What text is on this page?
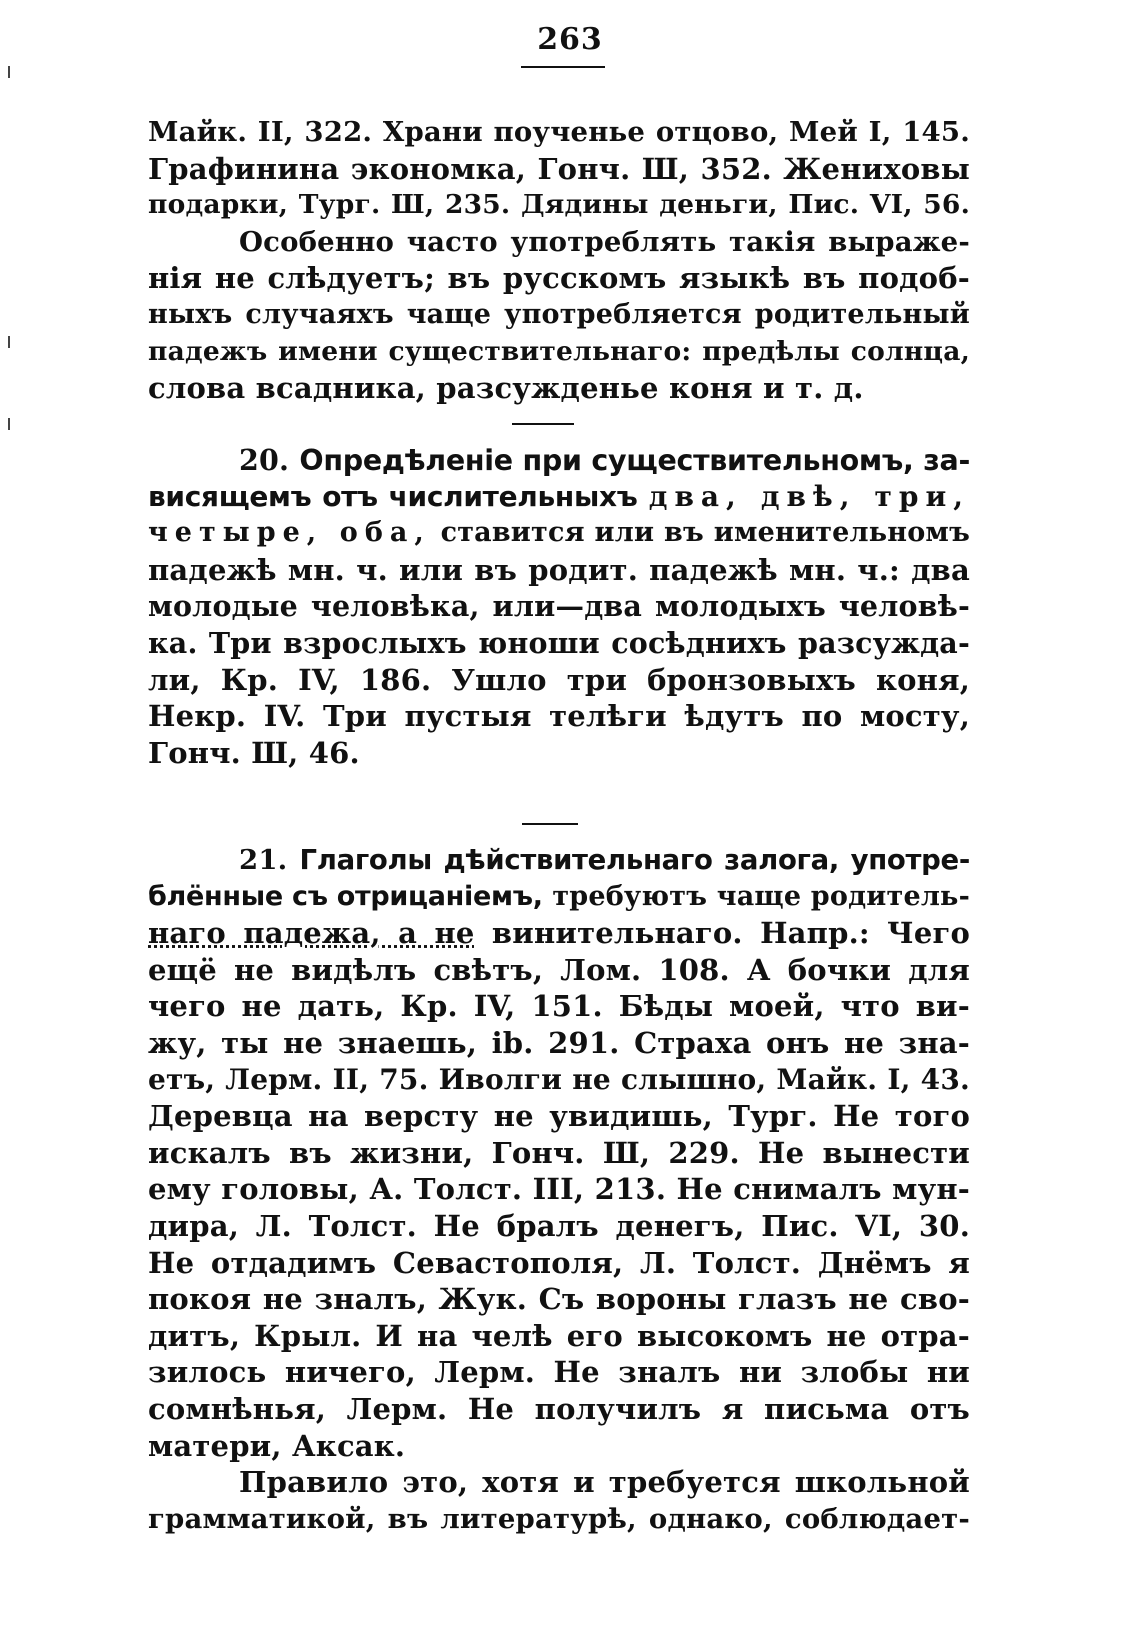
263
Майк. II, 322. Храни поученье отцово, Мей I, 145.
Графинина экономка, Гонч. Ш, 352. Жениховы
подарки, Тург. Ш, 235. Дядины деньги, Пис. VI, 56.
Особенно часто употреблять такія выраже-
нія не слѣдуетъ; въ русскомъ языкѣ въ подоб-
ныхъ случаяхъ чаще употребляется родительный
падежъ имени существительнаго: предѣлы солнца,
слова всадника, разсужденье коня и т. д.
20. Опредѣленіе при существительномъ, за-
висящемъ отъ числительныхъ два, двѣ, три,
четыре, оба, ставится или въ именительномъ
падежѣ мн. ч. или въ родит. падежѣ мн. ч.: два
молодые человѣка, или—два молодыхъ человѣ-
ка. Три взрослыхъ юноши сосѣднихъ разсужда-
ли, Кр. IV, 186. Ушло три бронзовыхъ коня,
Некр. IV. Три пустыя телѣги ѣдутъ по мосту,
Гонч. Ш, 46.
21. Глаголы дѣйствительнаго залога, употре-
блённые съ отрицаніемъ, требуютъ чаще родитель-
наго падежа, а не винительнаго. Напр.: Чего
ещё не видѣлъ свѣтъ, Лом. 108. А бочки для
чего не дать, Кр. IV, 151. Бѣды моей, что ви-
жу, ты не знаешь, ib. 291. Страха онъ не зна-
етъ, Лерм. II, 75. Иволги не слышно, Майк. I, 43.
Деревца на версту не увидишь, Тург. Не того
искалъ въ жизни, Гонч. Ш, 229. Не вынести
ему головы, А. Толст. III, 213. Не снималъ мун-
дира, Л. Толст. Не бралъ денегъ, Пис. VI, 30.
Не отдадимъ Севастополя, Л. Толст. Днёмъ я
покоя не зналъ, Жук. Съ вороны глазъ не сво-
дитъ, Крыл. И на челѣ его высокомъ не отра-
зилось ничего, Лерм. Не зналъ ни злобы ни
сомнѣнья, Лерм. Не получилъ я письма отъ
матери, Аксак.
Правило это, хотя и требуется школьной
грамматикой, въ литературѣ, однако, соблюдает-
